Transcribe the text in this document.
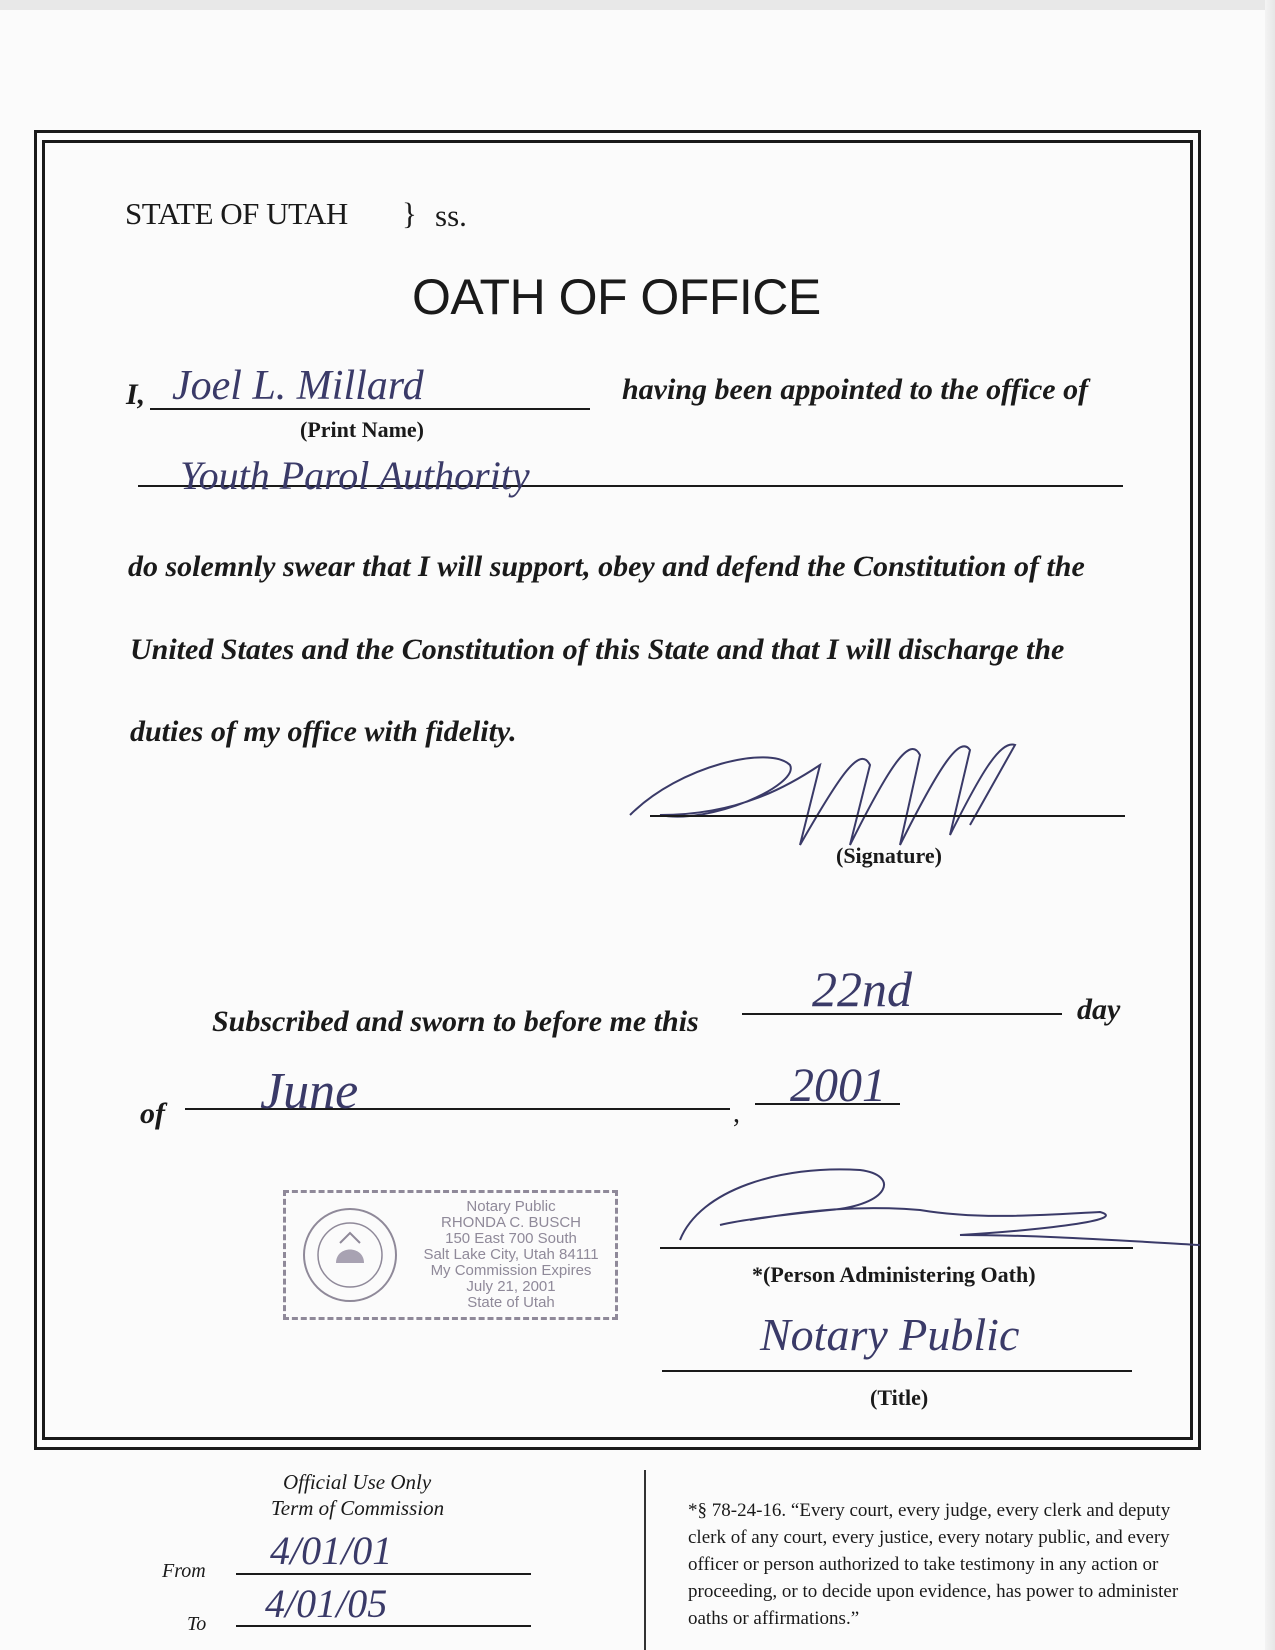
STATE OF UTAH } ss.
OATH OF OFFICE
I, Joel L. Millard
(Print Name)
having been appointed to the office of
Youth Parol Authority
do solemnly swear that I will support, obey and defend the Constitution of the
United States and the Constitution of this State and that I will discharge the
duties of my office with fidelity.
(Signature)
Subscribed and sworn to before me this
22nd	day
of June	,
2001
Notary Public
RHONDA C. BUSCH
150 East 700 South
Salt Lake City, Utah 84111
My Commission Expires
July 21, 2001
State of Utah
*(Person Administering Oath)
Notary Public
(Title)
Official Use Only
Term of Commission
From 4/01/01
To 4/01/05
*§ 78-24-16. “Every court, every judge, every clerk and deputy clerk of any court, every justice, every notary public, and every officer or person authorized to take testimony in any action or proceeding, or to decide upon evidence, has power to administer oaths or affirmations.”
